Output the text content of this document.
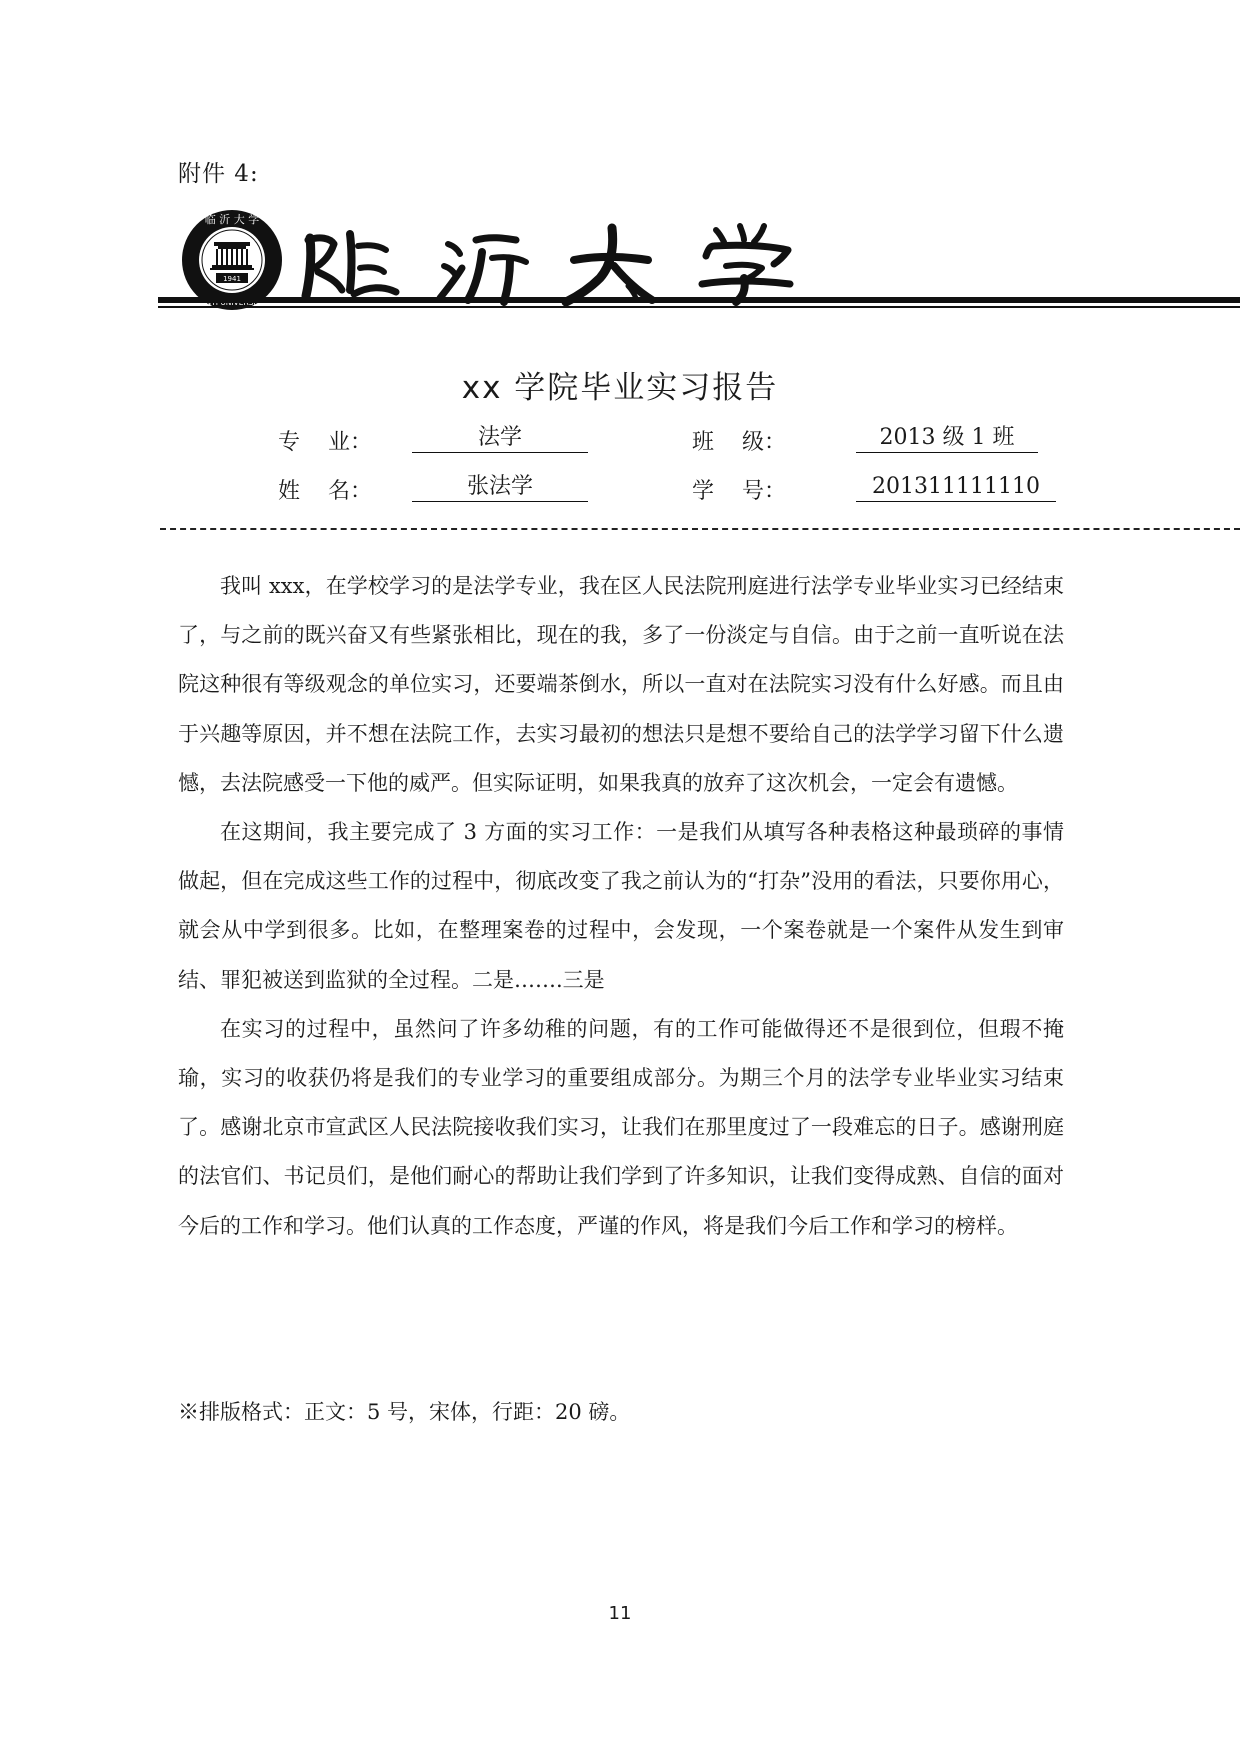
附件 4:
1941
临 沂 大 学
xx 学院毕业实习报告
专    业：	法学	班    级：	2013 级 1 班
姓    名：	张法学	学    号：	201311111110

我叫 xxx，在学校学习的是法学专业，我在区人民法院刑庭进行法学专业毕业实习已经结束了，与之前的既兴奋又有些紧张相比，现在的我，多了一份淡定与自信。由于之前一直听说在法院这种很有等级观念的单位实习，还要端茶倒水，所以一直对在法院实习没有什么好感。而且由于兴趣等原因，并不想在法院工作，去实习最初的想法只是想不要给自己的法学学习留下什么遗憾，去法院感受一下他的威严。但实际证明，如果我真的放弃了这次机会，一定会有遗憾。

在这期间，我主要完成了 3 方面的实习工作：一是我们从填写各种表格这种最琐碎的事情做起，但在完成这些工作的过程中，彻底改变了我之前认为的“打杂”没用的看法，只要你用心，就会从中学到很多。比如，在整理案卷的过程中，会发现，一个案卷就是一个案件从发生到审结、罪犯被送到监狱的全过程。二是…….三是

在实习的过程中，虽然问了许多幼稚的问题，有的工作可能做得还不是很到位，但瑕不掩瑜，实习的收获仍将是我们的专业学习的重要组成部分。为期三个月的法学专业毕业实习结束了。感谢北京市宣武区人民法院接收我们实习，让我们在那里度过了一段难忘的日子。感谢刑庭的法官们、书记员们，是他们耐心的帮助让我们学到了许多知识，让我们变得成熟、自信的面对今后的工作和学习。他们认真的工作态度，严谨的作风，将是我们今后工作和学习的榜样。

※排版格式：正文：5 号，宋体，行距：20 磅。
11
